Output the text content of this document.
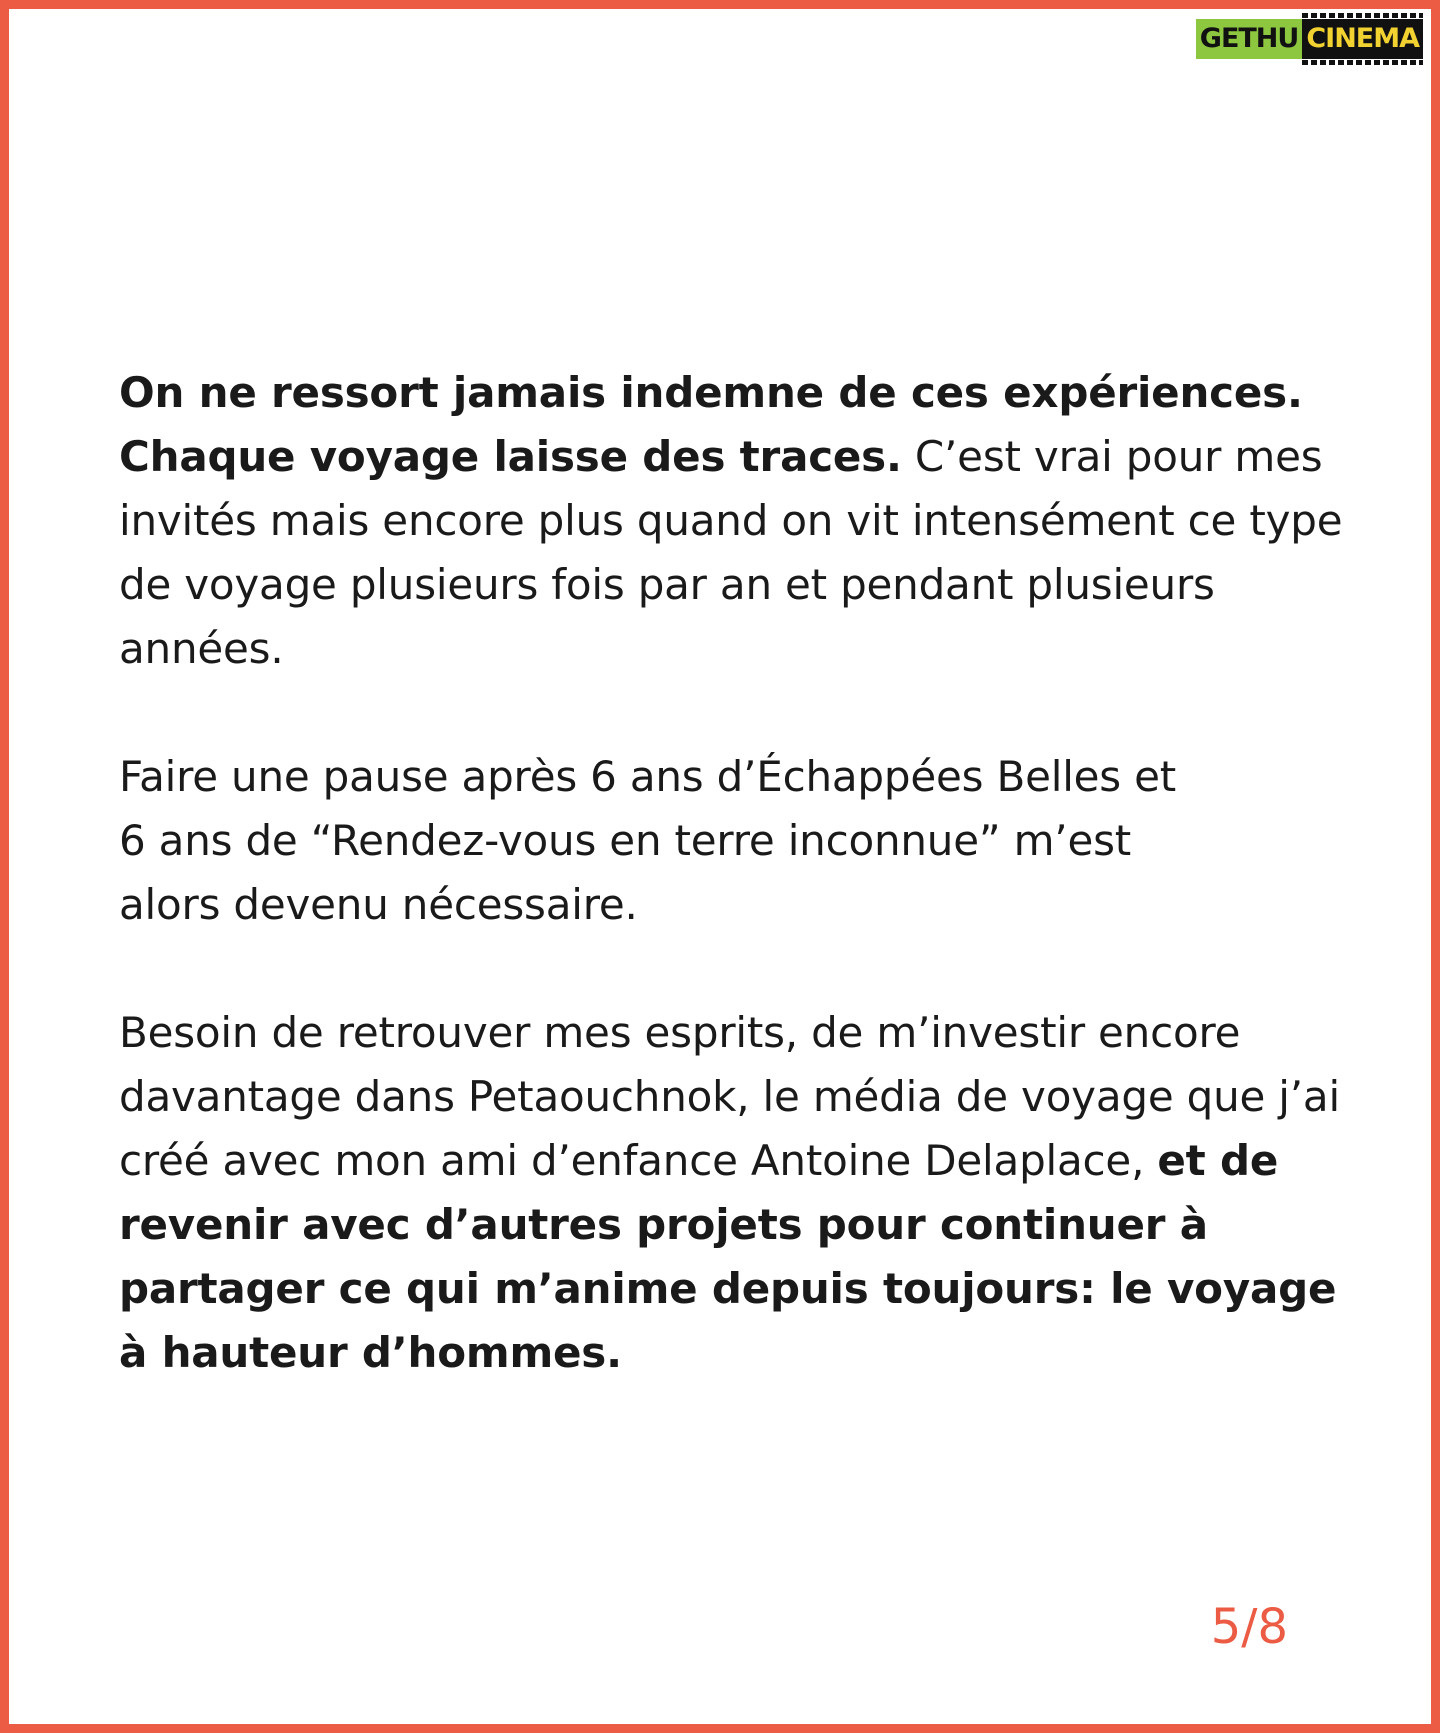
GETHU CINEMA

On ne ressort jamais indemne de ces expériences.
Chaque voyage laisse des traces. C’est vrai pour mes invités mais encore plus quand on vit intensément ce type de voyage plusieurs fois par an et pendant plusieurs années.

Faire une pause après 6 ans d’Échappées Belles et
6 ans de “Rendez-vous en terre inconnue” m’est
alors devenu nécessaire.

Besoin de retrouver mes esprits, de m’investir encore davantage dans Petaouchnok, le média de voyage que j’ai créé avec mon ami d’enfance Antoine Delaplace, et de revenir avec d’autres projets pour continuer à partager ce qui m’anime depuis toujours: le voyage à hauteur d’hommes.

5/8
